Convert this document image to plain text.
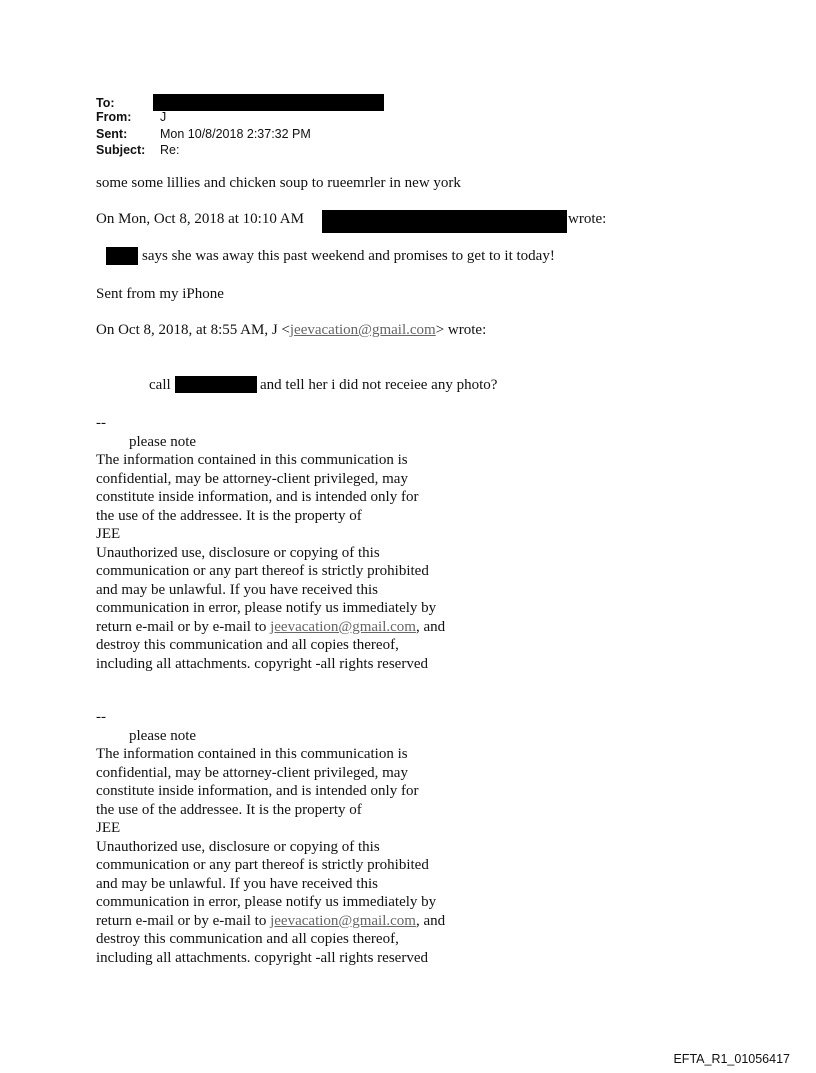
To:
From: J
Sent:	Mon 10/8/2018 2:37:32 PM
Subject: Re:
some some lillies and chicken soup to rueemrler in new york
On Mon, Oct 8, 2018 at 10:10 AM	wrote:
says she was away this past weekend and promises to get to it today!
Sent from my iPhone
On Oct 8, 2018, at 8:55 AM, J <jeevacation@gmail.com> wrote:
call	and tell her i did not receiee any photo?
--
please note
The information contained in this communication is
confidential, may be attorney-client privileged, may
constitute inside information, and is intended only for
the use of the addressee. It is the property of
JEE
Unauthorized use, disclosure or copying of this
communication or any part thereof is strictly prohibited
and may be unlawful. If you have received this
communication in error, please notify us immediately by
return e-mail or by e-mail to jeevacation@gmail.com, and
destroy this communication and all copies thereof,
including all attachments. copyright -all rights reserved
--
please note
The information contained in this communication is
confidential, may be attorney-client privileged, may
constitute inside information, and is intended only for
the use of the addressee. It is the property of
JEE
Unauthorized use, disclosure or copying of this
communication or any part thereof is strictly prohibited
and may be unlawful. If you have received this
communication in error, please notify us immediately by
return e-mail or by e-mail to jeevacation@gmail.com, and
destroy this communication and all copies thereof,
including all attachments. copyright -all rights reserved
EFTA_R1_01056417
